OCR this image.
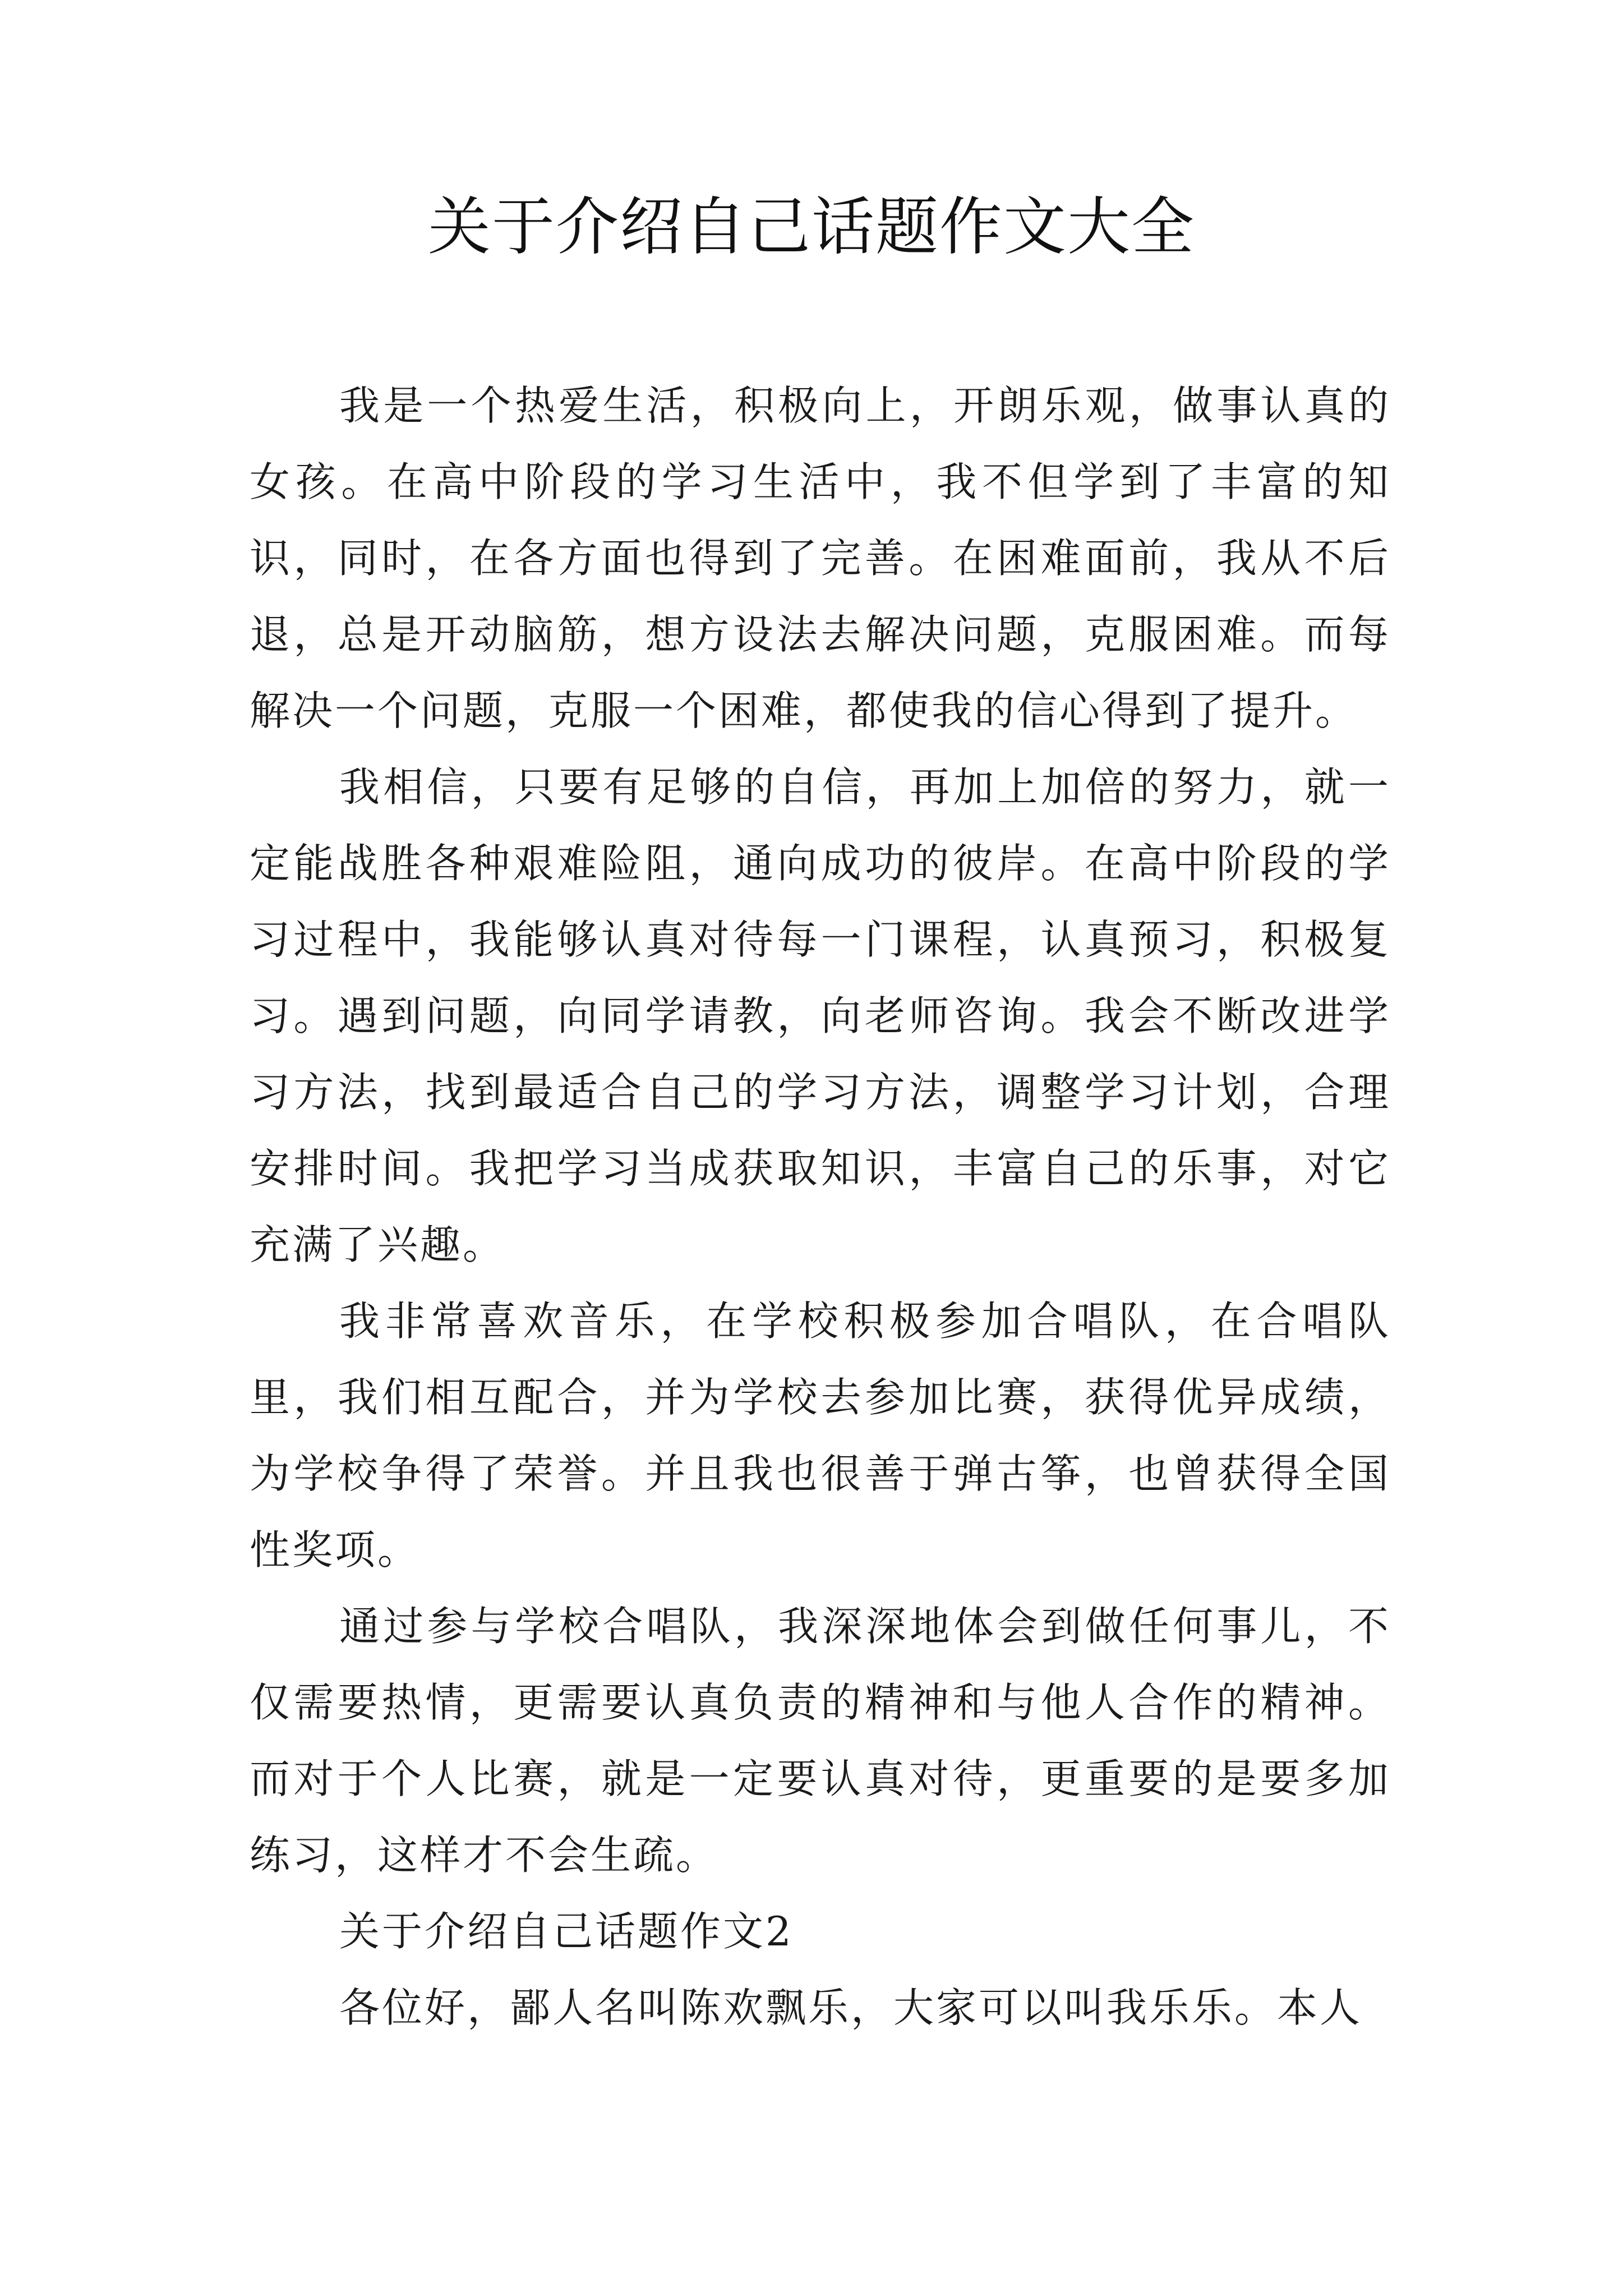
关于介绍自己话题作文大全

我是一个热爱生活，积极向上，开朗乐观，做事认真的女孩。在高中阶段的学习生活中，我不但学到了丰富的知识，同时，在各方面也得到了完善。在困难面前，我从不后退，总是开动脑筋，想方设法去解决问题，克服困难。而每解决一个问题，克服一个困难，都使我的信心得到了提升。

我相信，只要有足够的自信，再加上加倍的努力，就一定能战胜各种艰难险阻，通向成功的彼岸。在高中阶段的学习过程中，我能够认真对待每一门课程，认真预习，积极复习。遇到问题，向同学请教，向老师咨询。我会不断改进学习方法，找到最适合自己的学习方法，调整学习计划，合理安排时间。我把学习当成获取知识，丰富自己的乐事，对它充满了兴趣。

我非常喜欢音乐，在学校积极参加合唱队，在合唱队里，我们相互配合，并为学校去参加比赛，获得优异成绩，为学校争得了荣誉。并且我也很善于弹古筝，也曾获得全国性奖项。

通过参与学校合唱队，我深深地体会到做任何事儿，不仅需要热情，更需要认真负责的精神和与他人合作的精神。而对于个人比赛，就是一定要认真对待，更重要的是要多加练习，这样才不会生疏。

关于介绍自己话题作文2

各位好，鄙人名叫陈欢飘乐，大家可以叫我乐乐。本人
